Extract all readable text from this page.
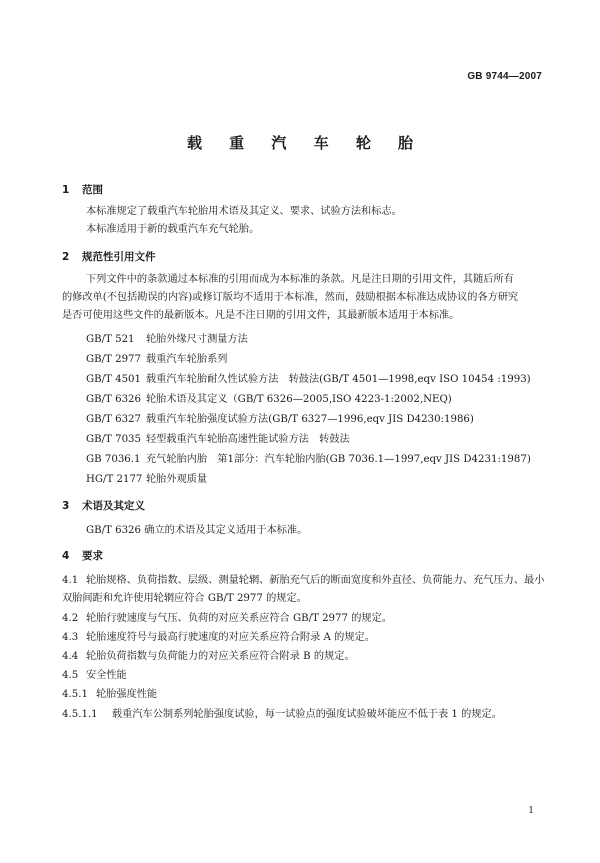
GB 9744—2007
载 重 汽 车 轮 胎
1 范围
本标准规定了载重汽车轮胎用术语及其定义、要求、试验方法和标志。
本标准适用于新的载重汽车充气轮胎。
2 规范性引用文件
下列文件中的条款通过本标准的引用而成为本标准的条款。凡是注日期的引用文件，其随后所有
的修改单(不包括勘误的内容)或修订版均不适用于本标准，然而，鼓励根据本标准达成协议的各方研究
是否可使用这些文件的最新版本。凡是不注日期的引用文件，其最新版本适用于本标准。
GB/T 521 轮胎外缘尺寸测量方法
GB/T 2977 载重汽车轮胎系列
GB/T 4501 载重汽车轮胎耐久性试验方法　转鼓法(GB/T 4501—1998,eqv ISO 10454 :1993)
GB/T 6326 轮胎术语及其定义（GB/T 6326—2005,ISO 4223-1:2002,NEQ)
GB/T 6327 载重汽车轮胎强度试验方法(GB/T 6327—1996,eqv JIS D4230:1986)
GB/T 7035 轻型载重汽车轮胎高速性能试验方法　转鼓法
GB 7036.1 充气轮胎内胎　第1部分：汽车轮胎内胎(GB 7036.1—1997,eqv JIS D4231:1987)
HG/T 2177 轮胎外观质量
3 术语及其定义
GB/T 6326 确立的术语及其定义适用于本标准。
4 要求
4.1 轮胎规格、负荷指数、层级、测量轮辋、新胎充气后的断面宽度和外直径、负荷能力、充气压力、最小
双胎间距和允许使用轮辋应符合 GB/T 2977 的规定。
4.2 轮胎行驶速度与气压、负荷的对应关系应符合 GB/T 2977 的规定。
4.3 轮胎速度符号与最高行驶速度的对应关系应符合附录 A 的规定。
4.4 轮胎负荷指数与负荷能力的对应关系应符合附录 B 的规定。
4.5 安全性能
4.5.1 轮胎强度性能
4.5.1.1 载重汽车公制系列轮胎强度试验，每一试验点的强度试验破坏能应不低于表 1 的规定。
1
